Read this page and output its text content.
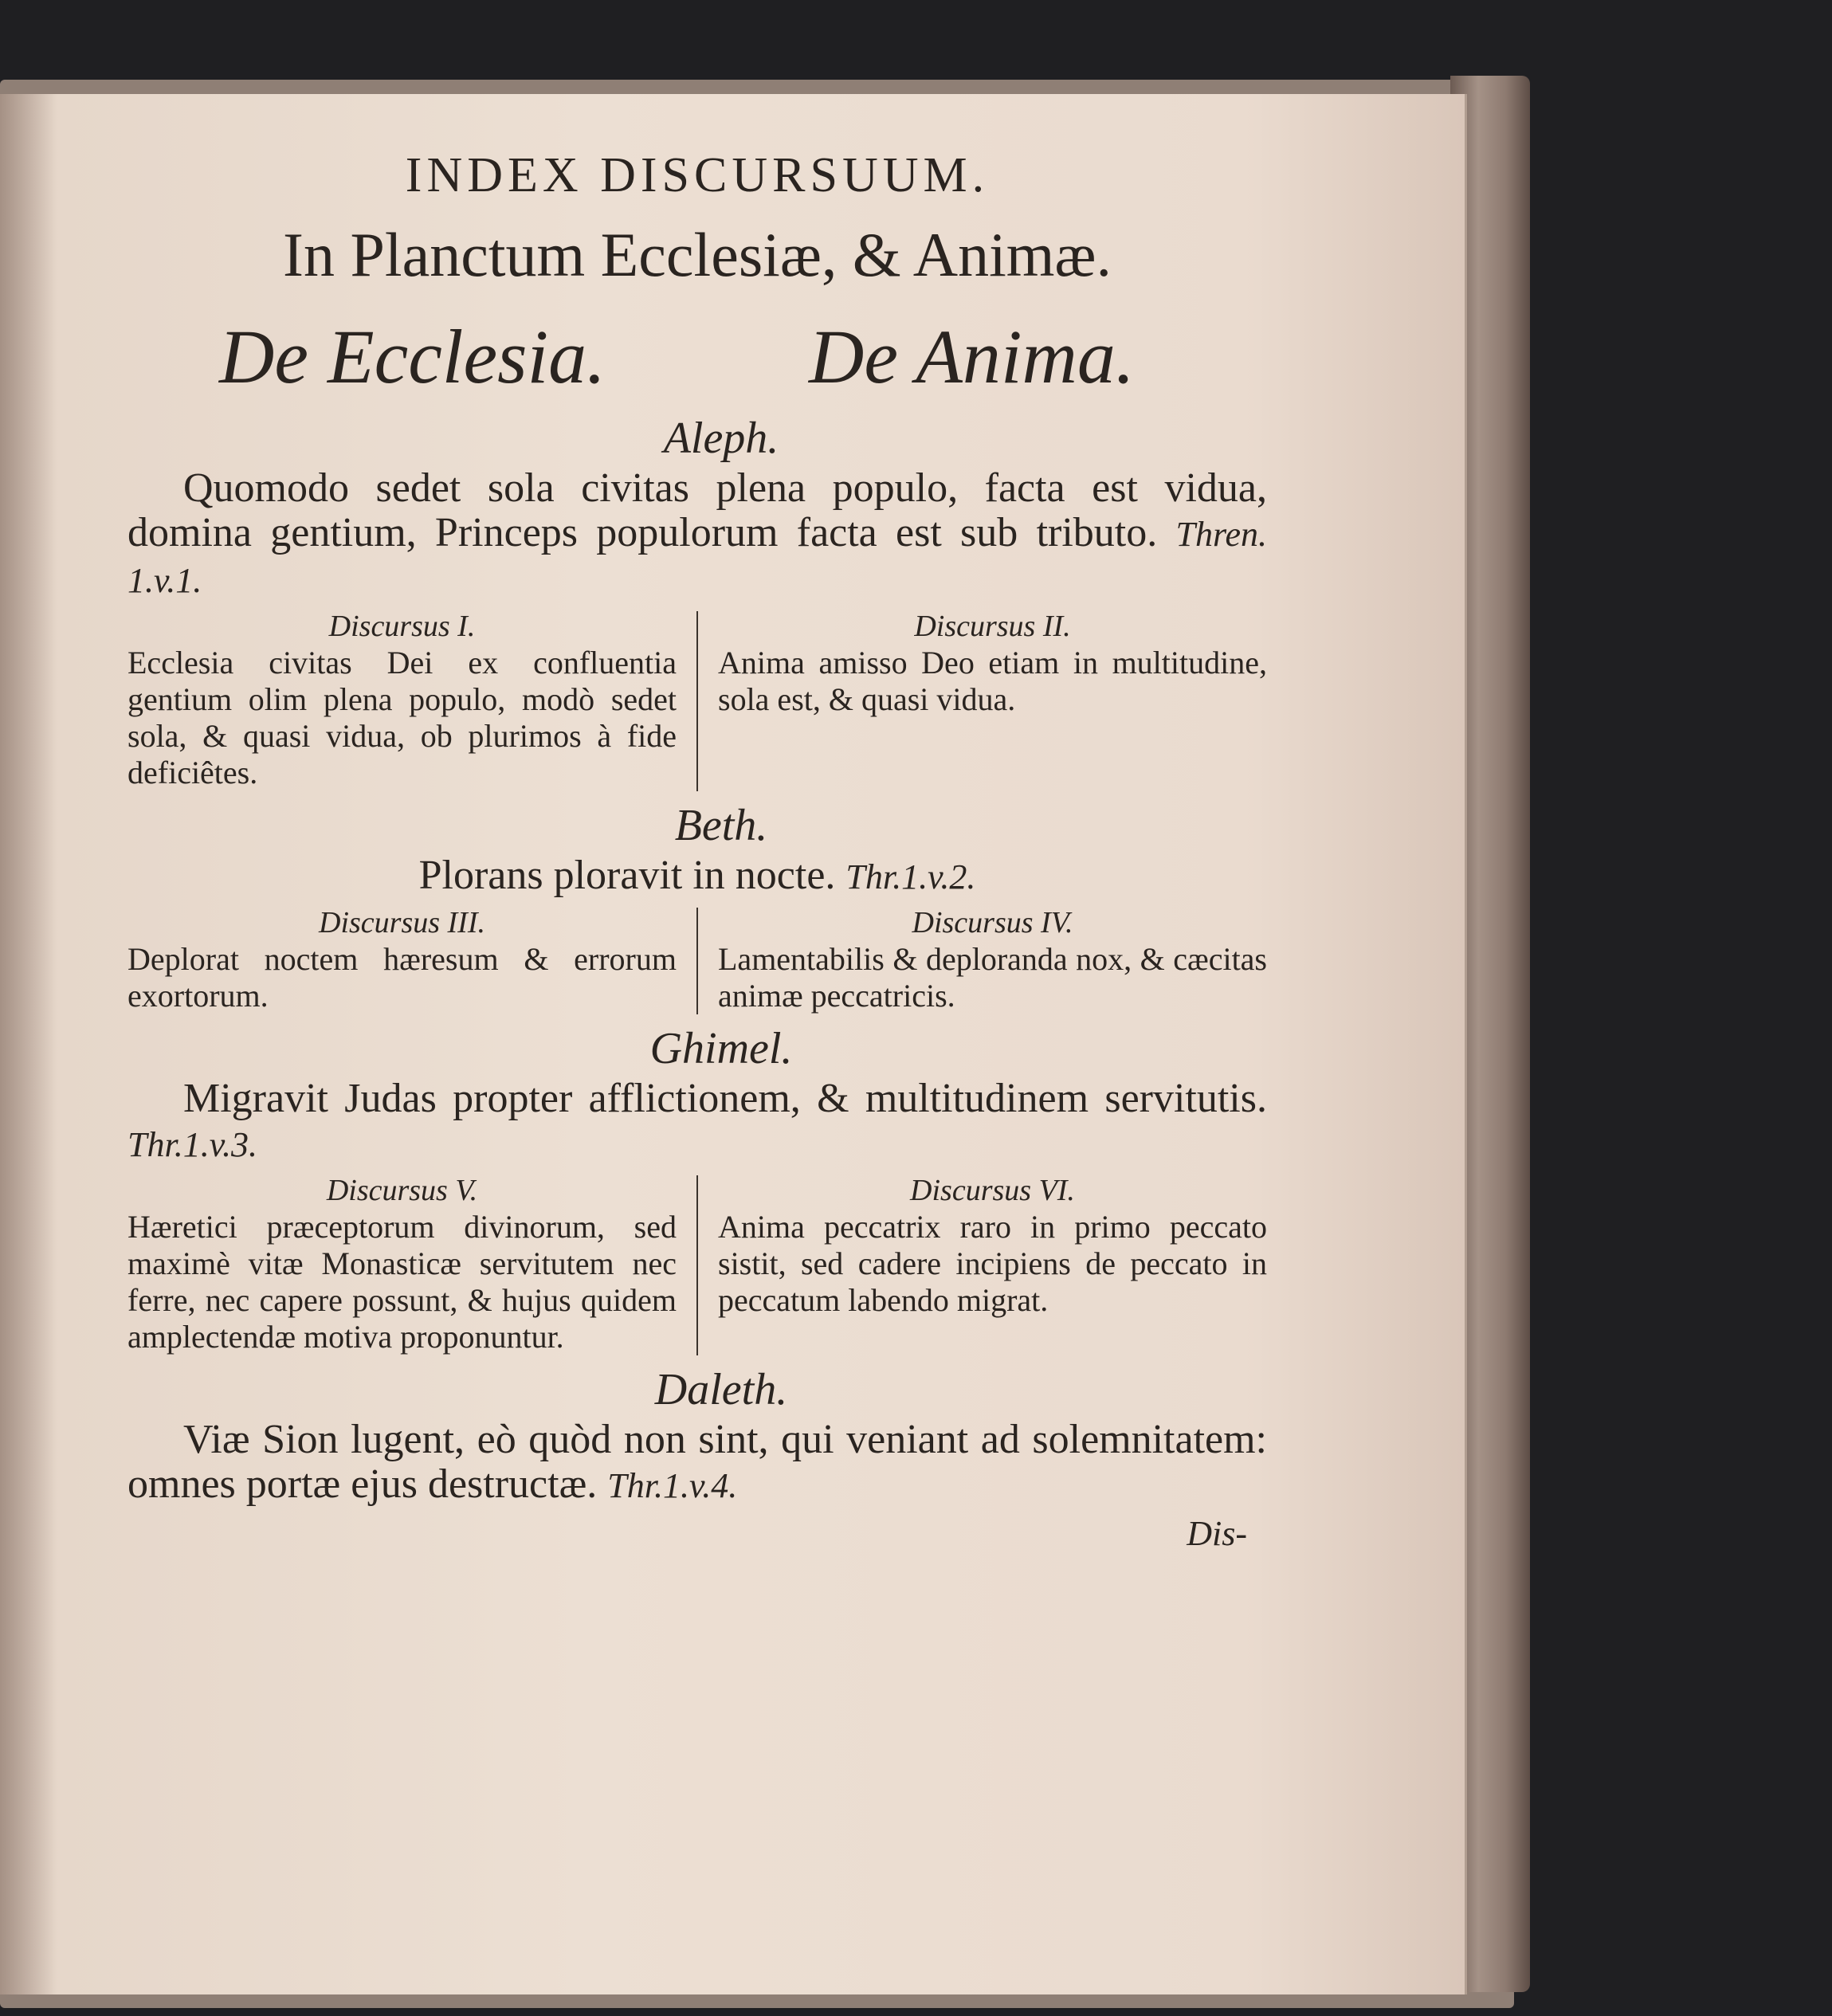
INDEX DISCURSUUM.
In Planctum Ecclesiæ, & Animæ.
De Ecclesia.	De Anima.
Aleph.

Quomodo sedet sola civitas plena populo, facta est vidua, domina gentium, Princeps populorum facta est sub tributo. Thren. 1.v.1.

Discursus I.
Ecclesia civitas Dei ex confluentia gentium olim plena populo, modò sedet sola, & quasi vidua, ob plurimos à fide deficiêtes.
Discursus II.
Anima amisso Deo etiam in multitudine, sola est, & quasi vidua.
Beth.

Plorans ploravit in nocte. Thr.1.v.2.

Discursus III.
Deplorat noctem hæresum & errorum exortorum.
Discursus IV.
Lamentabilis & deploranda nox, & cæcitas animæ peccatricis.
Ghimel.

Migravit Judas propter afflictionem, & multitudinem servitutis. Thr.1.v.3.

Discursus V.
Hæretici præceptorum divinorum, sed maximè vitæ Monasticæ servitutem nec ferre, nec capere possunt, & hujus quidem amplectendæ motiva proponuntur.
Discursus VI.
Anima peccatrix raro in primo peccato sistit, sed cadere incipiens de peccato in peccatum labendo migrat.
Daleth.

Viæ Sion lugent, eò quòd non sint, qui veniant ad solemnitatem: omnes portæ ejus destructæ. Thr.1.v.4.

Dis-
